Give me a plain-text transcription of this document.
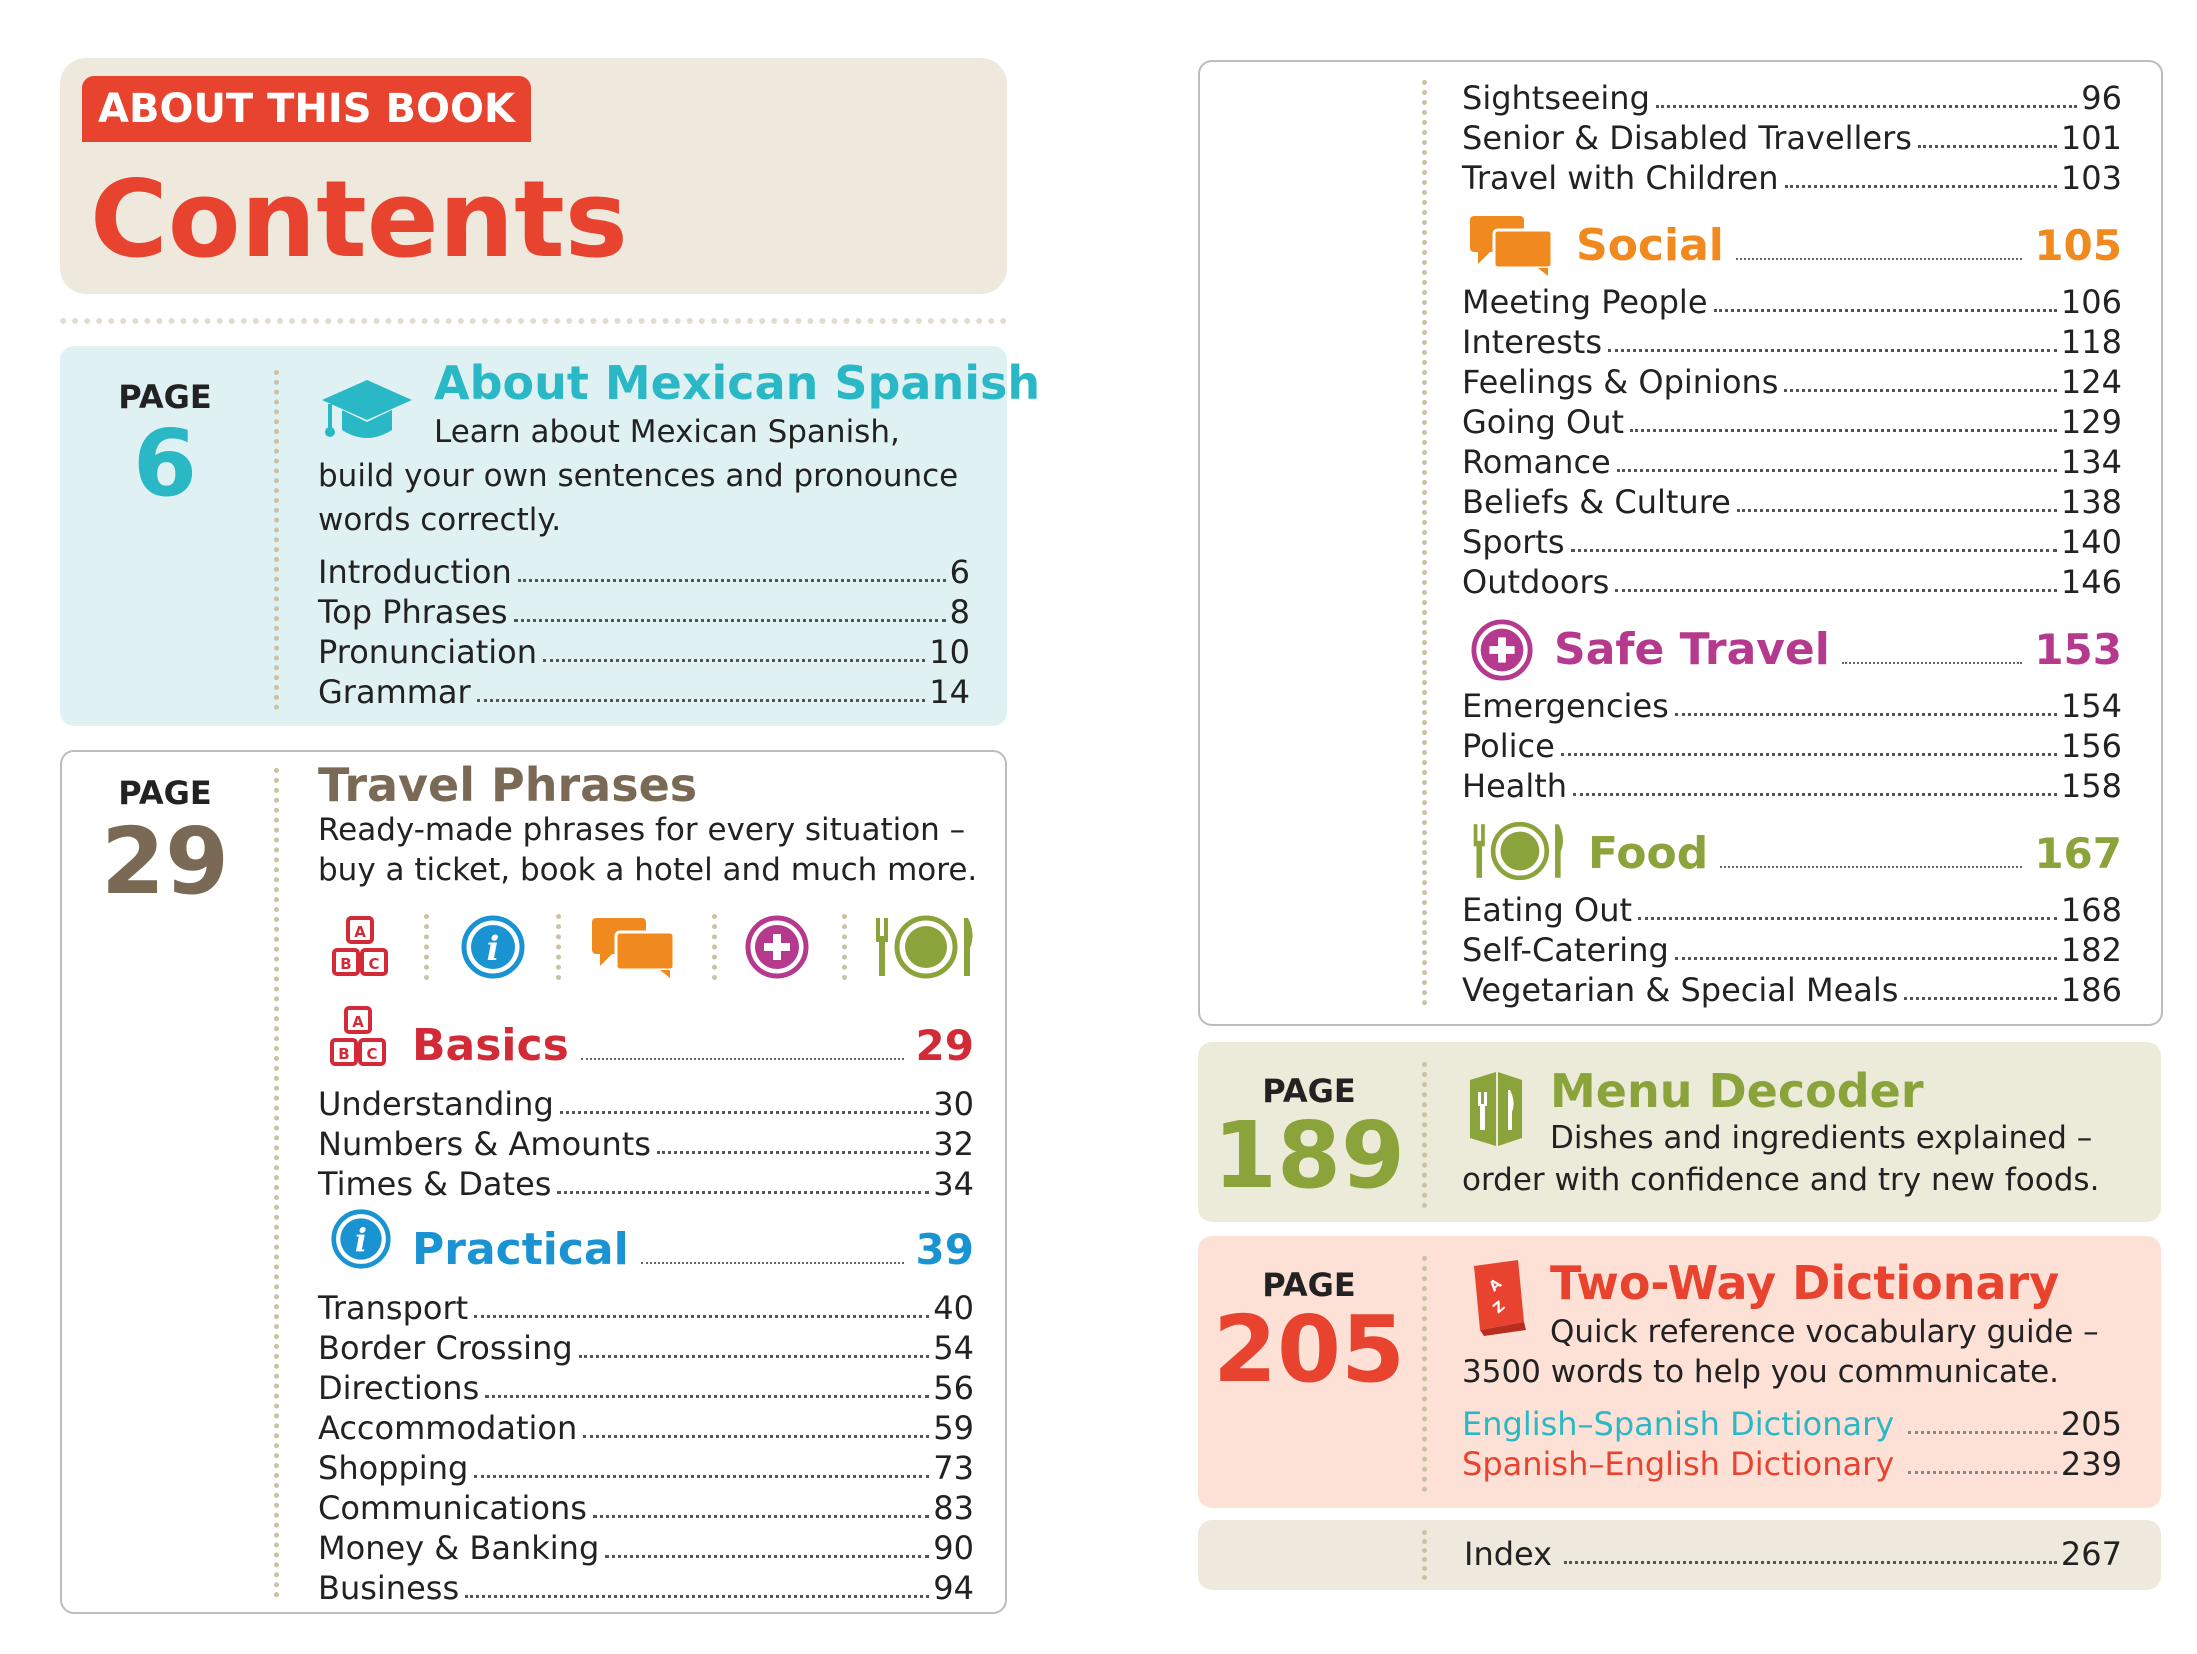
ABOUT THIS BOOK
Contents
PAGE
6
About Mexican Spanish
Learn about Mexican Spanish,
build your own sentences and pronounce
words correctly.
Introduction	6
Top Phrases	8
Pronunciation	10
Grammar	14
PAGE
29
Travel Phrases
Ready-made phrases for every situation –
buy a ticket, book a hotel and much more.
A
B C	i
A
B C Basics	29
Understanding	30
Numbers & Amounts	32
Times & Dates	34
i Practical	39
Transport	40
Border Crossing	54
Directions	56
Accommodation	59
Shopping	73
Communications	83
Money & Banking	90
Business	94
Sightseeing	96
Senior & Disabled Travellers	101
Travel with Children	103
Social	105
Meeting People	106
Interests	118
Feelings & Opinions	124
Going Out	129
Romance	134
Beliefs & Culture	138
Sports	140
Outdoors	146
Safe Travel	153
Emergencies	154
Police	156
Health	158
Food	167
Eating Out	168
Self-Catering	182
Vegetarian & Special Meals	186
PAGE
189
Menu Decoder
Dishes and ingredients explained –
order with confidence and try new foods.
PAGE
205
A
Z Two-Way Dictionary
Quick reference vocabulary guide –
3500 words to help you communicate.
English–Spanish Dictionary	205
Spanish–English Dictionary	239
Index	267
